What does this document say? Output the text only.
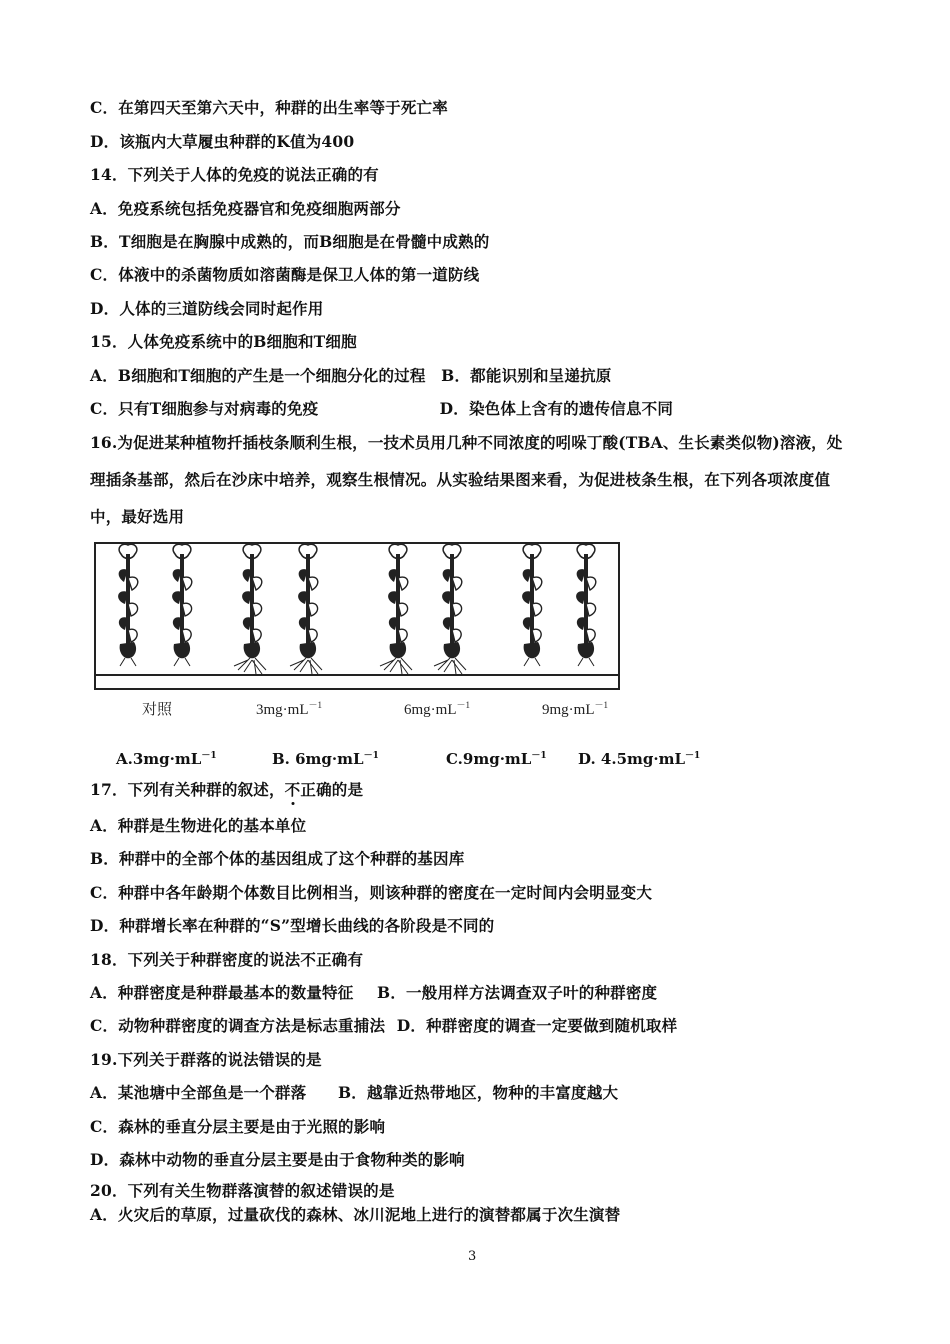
C．在第四天至第六天中，种群的出生率等于死亡率
D．该瓶内大草履虫种群的K值为400
14．下列关于人体的免疫的说法正确的有
A．免疫系统包括免疫器官和免疫细胞两部分
B．T细胞是在胸腺中成熟的，而B细胞是在骨髓中成熟的
C．体液中的杀菌物质如溶菌酶是保卫人体的第一道防线
D．人体的三道防线会同时起作用
15．人体免疫系统中的B细胞和T细胞
A．B细胞和T细胞的产生是一个细胞分化的过程 B．都能识别和呈递抗原
C．只有T细胞参与对病毒的免疫	D．染色体上含有的遗传信息不同
16.为促进某种植物扦插枝条顺利生根，一技术员用几种不同浓度的吲哚丁酸(TBA、生长素类似物)溶液，处
理插条基部，然后在沙床中培养，观察生根情况。从实验结果图来看，为促进枝条生根，在下列各项浓度值
中，最好选用
对照	$3mg\cdot mL^{-1}$	$6mg\cdot mL^{-1}$	$9mg\cdot mL^{-1}$
$A.3mg\cdot mL^{-1}$	B. $6mg\cdot mL^{-1}$	$C.9mg\cdot mL^{-1}$ D. $4.5mg\cdot mL^{-1}$
17．下列有关种群的叙述，不正确的是
A．种群是生物进化的基本单位
B．种群中的全部个体的基因组成了这个种群的基因库
C．种群中各年龄期个体数目比例相当，则该种群的密度在一定时间内会明显变大
D．种群增长率在种群的“S”型增长曲线的各阶段是不同的
18．下列关于种群密度的说法不正确有
A．种群密度是种群最基本的数量特征 B．一般用样方法调查双子叶的种群密度
C．动物种群密度的调查方法是标志重捕法 D．种群密度的调查一定要做到随机取样
19.下列关于群落的说法错误的是
A．某池塘中全部鱼是一个群落 B．越靠近热带地区，物种的丰富度越大
C．森林的垂直分层主要是由于光照的影响
D．森林中动物的垂直分层主要是由于食物种类的影响
20．下列有关生物群落演替的叙述错误的是
A．火灾后的草原，过量砍伐的森林、冰川泥地上进行的演替都属于次生演替
3
